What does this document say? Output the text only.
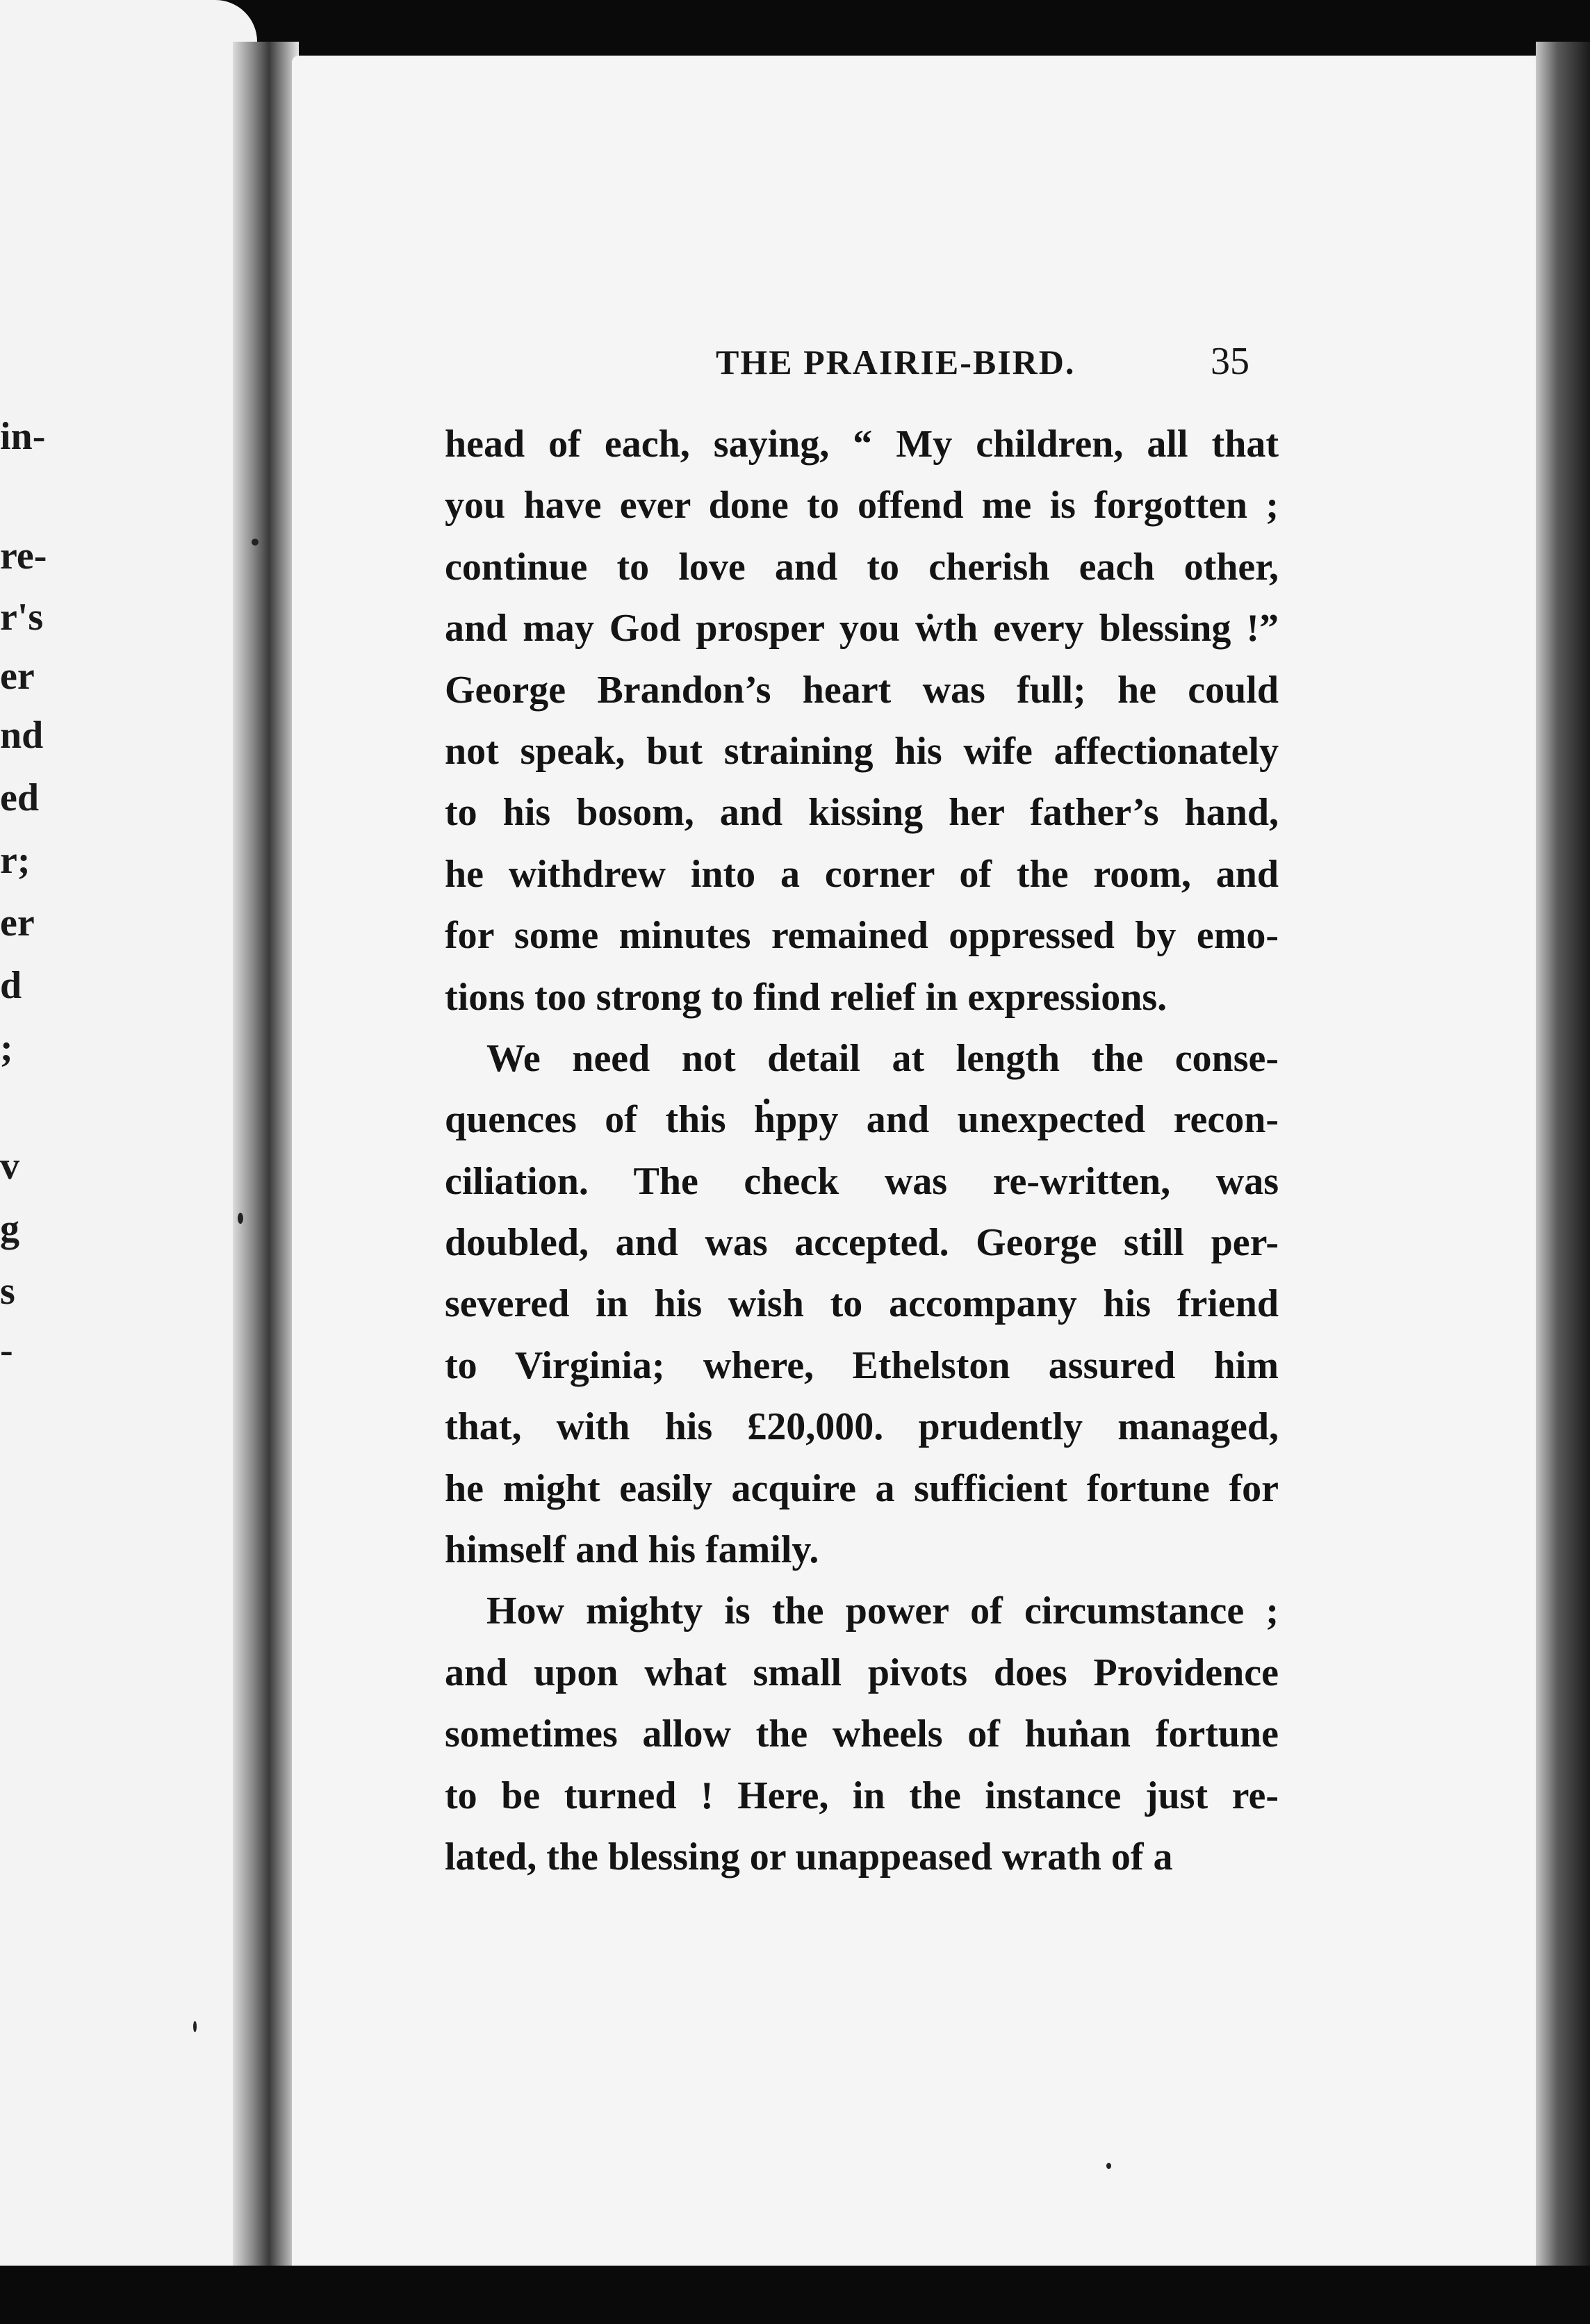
in-
re-
r's
er
nd
ed
r;
er
d
;
v
g
s
-
THE PRAIRIE-BIRD.	35
head of each, saying, “ My children, all that
you have ever done to offend me is forgotten ;
continue to love and to cherish each other,
and may God prosper you ẇth every blessing !”
George Brandon’s heart was full; he could
not speak, but straining his wife affectionately
to his bosom, and kissing her father’s hand,
he withdrew into a corner of the room, and
for some minutes remained oppressed by emo-
tions too strong to find relief in expressions.
We need not detail at length the conse-
quences of this ḣppy and unexpected recon-
ciliation. The check was re-written, was
doubled, and was accepted. George still per-
severed in his wish to accompany his friend
to Virginia; where, Ethelston assured him
that, with his £20,000. prudently managed,
he might easily acquire a sufficient fortune for
himself and his family.
How mighty is the power of circumstance ;
and upon what small pivots does Providence
sometimes allow the wheels of huṅan fortune
to be turned ! Here, in the instance just re-
lated, the blessing or unappeased wrath of a
